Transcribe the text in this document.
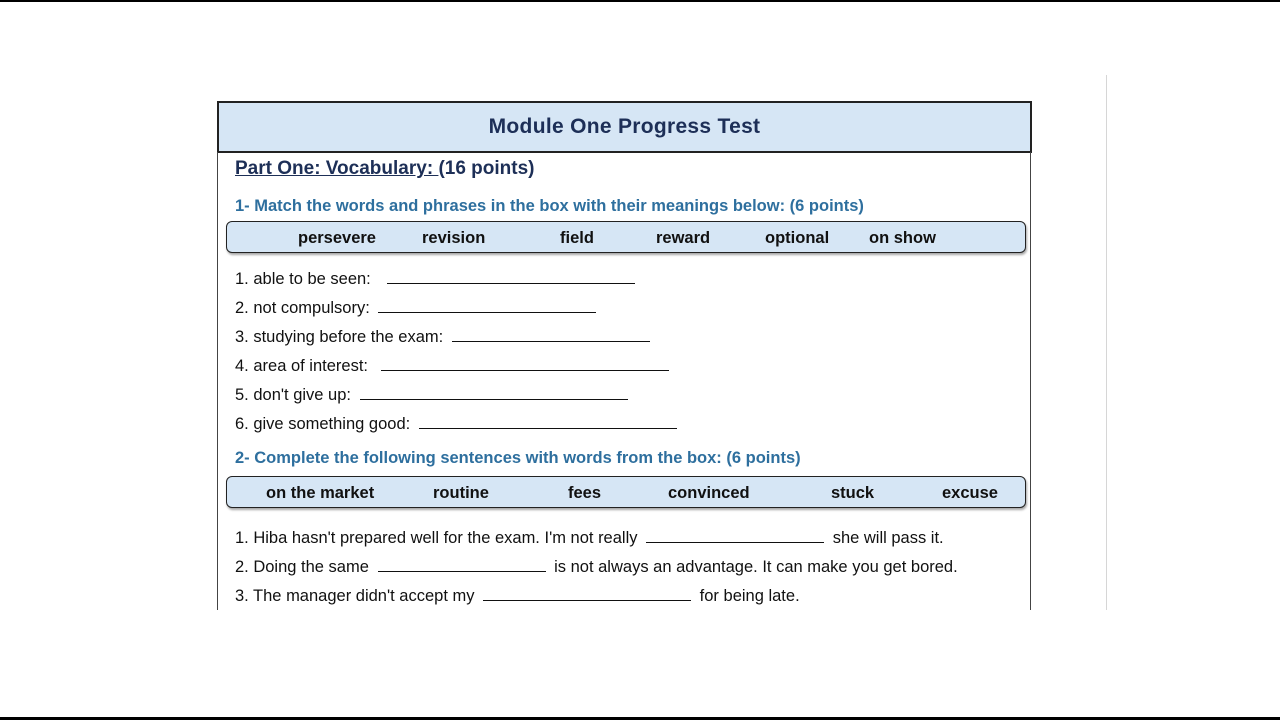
Module One Progress Test
Part One: Vocabulary: (16 points)
1- Match the words and phrases in the box with their meanings below: (6 points)
persevere	revision	field	reward	optional on show
1. able to be seen:
2. not compulsory:
3. studying before the exam:
4. area of interest:
5. don't give up:
6. give something good:
2- Complete the following sentences with words from the box: (6 points)
on the market	routine	fees	convinced	stuck	excuse
1. Hiba hasn't prepared well for the exam. I'm not really	she will pass it.
2. Doing the same	is not always an advantage. It can make you get bored.
3. The manager didn't accept my	for being late.
